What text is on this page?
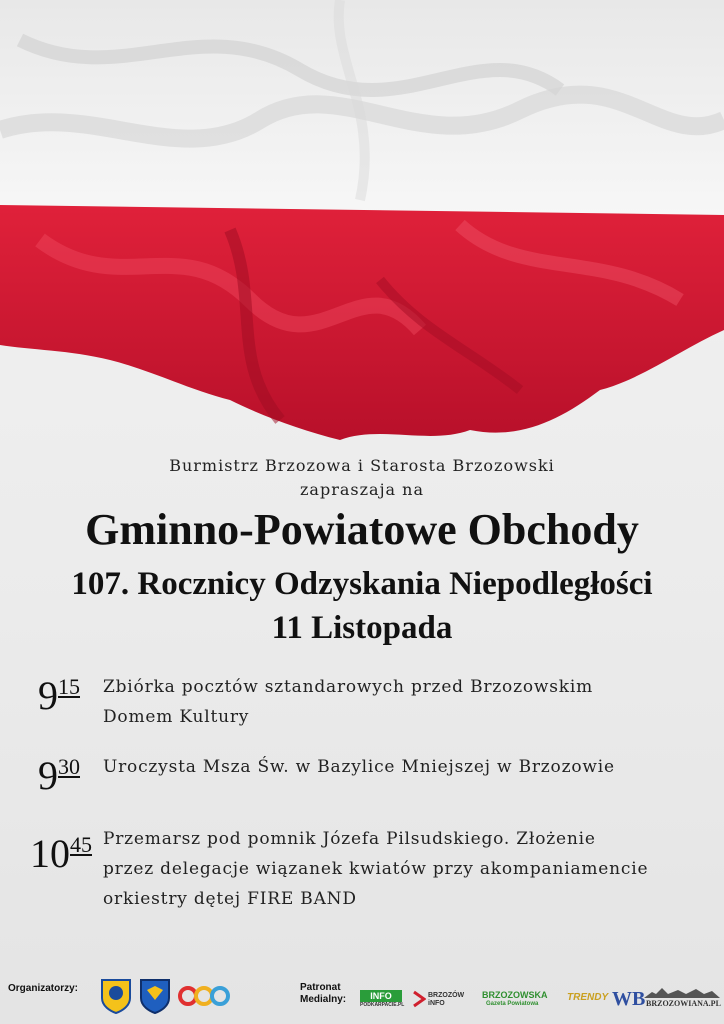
Burmistrz Brzozowa i Starosta Brzozowski
zapraszaja na
Gminno-Powiatowe Obchody
107. Rocznicy Odzyskania Niepodległości
11 Listopada
915 Zbiórka pocztów sztandarowych przed Brzozowskim
Domem Kultury
930 Uroczysta Msza Św. w Bazylice Mniejszej w Brzozowie
1045 Przemarsz pod pomnik Józefa Pilsudskiego. Złożenie
przez delegacje wiązanek kwiatów przy akompaniamencie
orkiestry dętej FIRE BAND
Organizatorzy:	Patronat
Medialny:	INFO
PODKARPACIE.PL
BRZOZÓW iNFO
BRZOZOWSKA
Gazeta Powiatowa
TRENDY WB BRZOZOWIANA.PL
